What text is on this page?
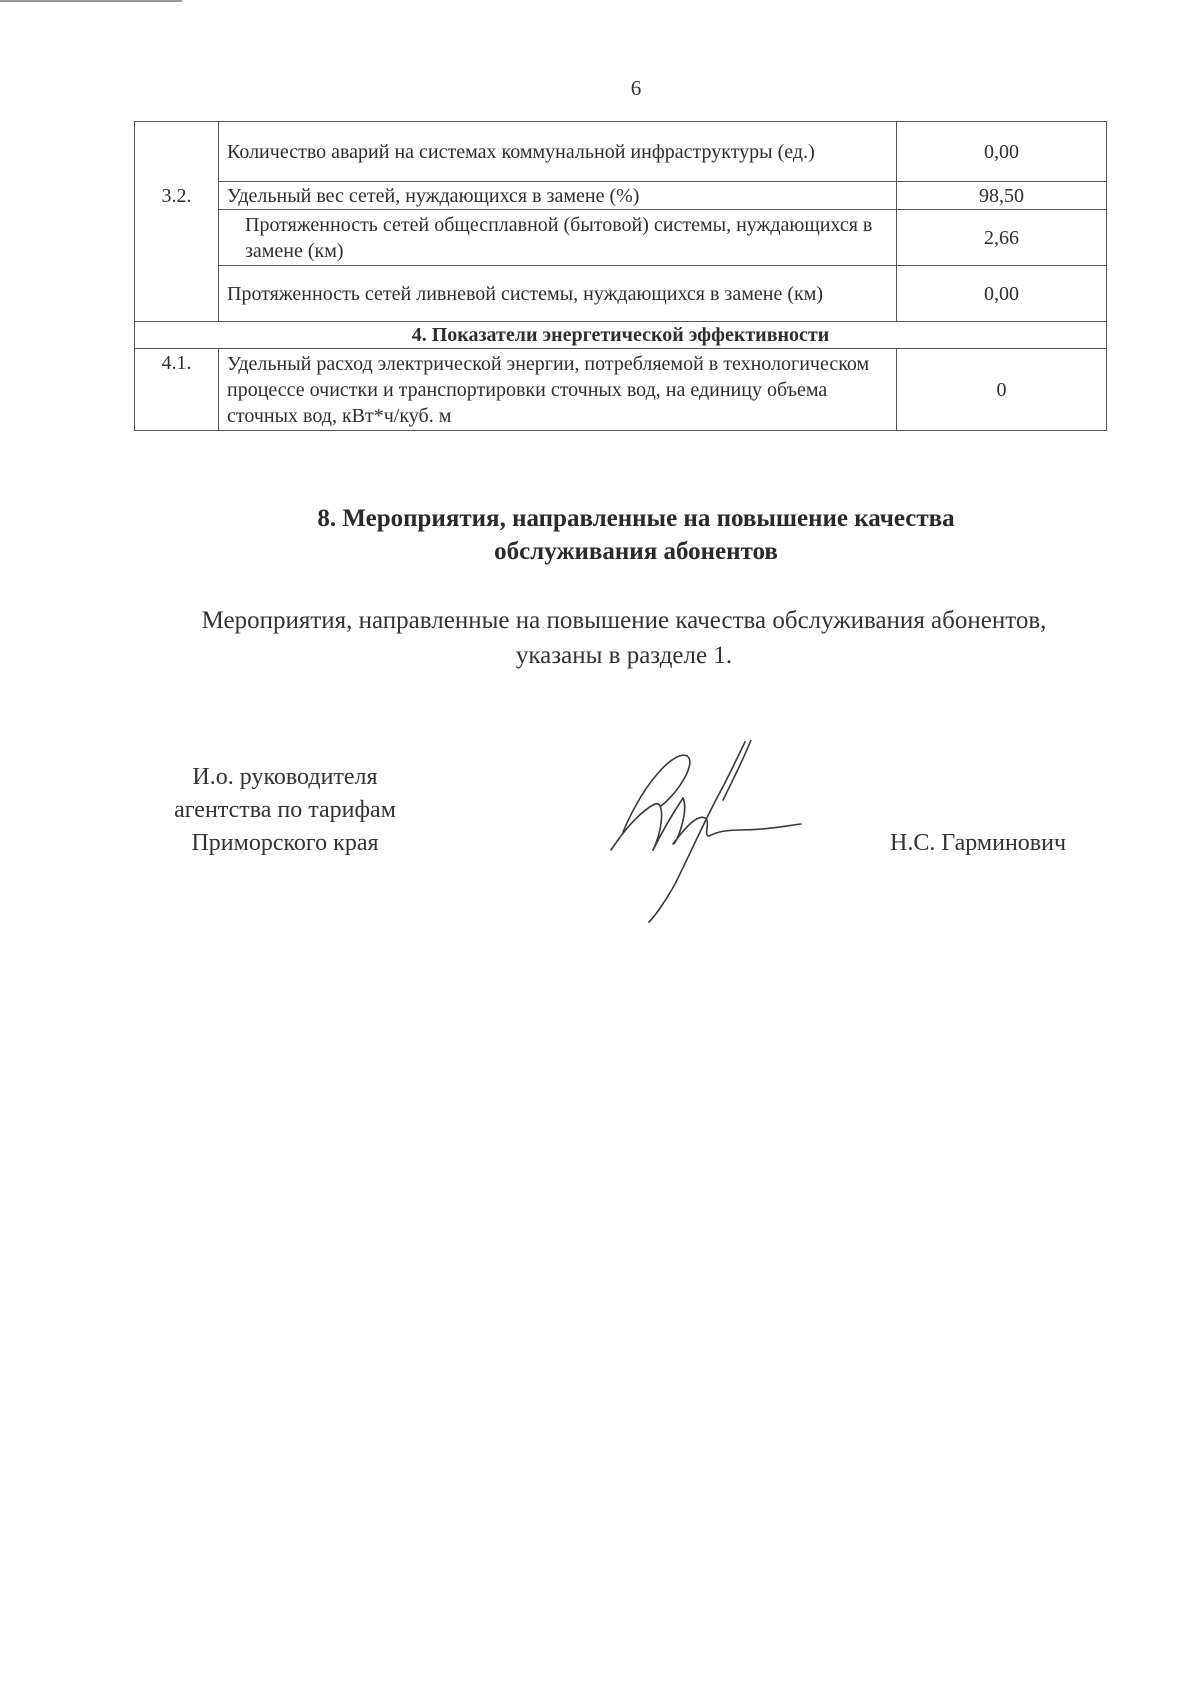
6
	Количество аварий на системах коммунальной инфраструктуры (ед.)	0,00
3.2.	Удельный вес сетей, нуждающихся в замене (%)	98,50
	Протяженность сетей общесплавной (бытовой) системы, нуждающихся в замене (км)	2,66
	Протяженность сетей ливневой системы, нуждающихся в замене (км)	0,00
4. Показатели энергетической эффективности		
4.1.	Удельный расход электрической энергии, потребляемой в технологическом процессе очистки и транспортировки сточных вод, на единицу объема сточных вод, кВт*ч/куб. м	0
8. Мероприятия, направленные на повышение качества
обслуживания абонентов

Мероприятия, направленные на повышение качества обслуживания абонентов,
указаны в разделе 1.

И.о. руководителя
агентства по тарифам
Приморского края	Н.С. Гарминович
